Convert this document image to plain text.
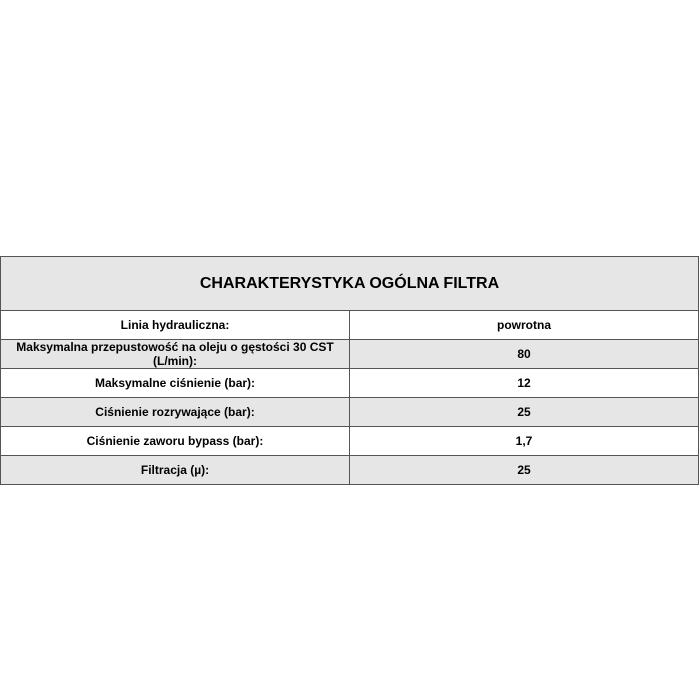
CHARAKTERYSTYKA OGÓLNA FILTRA	
Linia hydrauliczna:	powrotna
Maksymalna przepustowość na oleju o gęstości 30 CST (L/min):	80
Maksymalne ciśnienie (bar):	12
Ciśnienie rozrywające (bar):	25
Ciśnienie zaworu bypass (bar):	1,7
Filtracja (µ):	25
